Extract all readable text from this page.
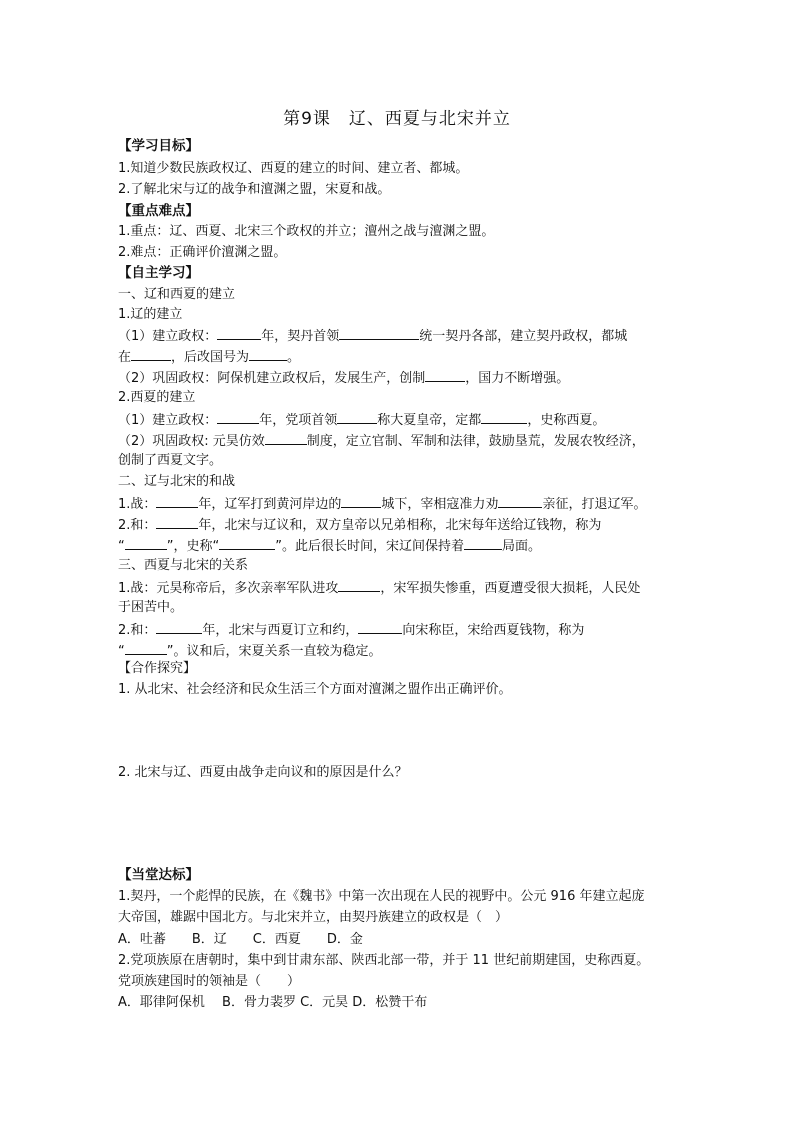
第9课　辽、西夏与北宋并立
【学习目标】
1.知道少数民族政权辽、西夏的建立的时间、建立者、都城。
2.了解北宋与辽的战争和澶渊之盟，宋夏和战。
【重点难点】
1.重点：辽、西夏、北宋三个政权的并立；澶州之战与澶渊之盟。
2.难点：正确评价澶渊之盟。
【自主学习】
一、辽和西夏的建立
1.辽的建立
（1）建立政权：	年，契丹首领	统一契丹各部，建立契丹政权，都城
在	，后改国号为	。
（2）巩固政权：阿保机建立政权后，发展生产，创制	，国力不断增强。
2.西夏的建立
（1）建立政权：	年，党项首领	称大夏皇帝，定都	，史称西夏。
（2）巩固政权: 元昊仿效	制度，定立官制、军制和法律，鼓励垦荒，发展农牧经济，
创制了西夏文字。
二、辽与北宋的和战
1.战：	年，辽军打到黄河岸边的	城下，宰相寇准力劝	亲征，打退辽军。
2.和：	年，北宋与辽议和，双方皇帝以兄弟相称，北宋每年送给辽钱物，称为
“	”，史称“	”。此后很长时间，宋辽间保持着	局面。
三、西夏与北宋的关系
1.战：元昊称帝后，多次亲率军队进攻	，宋军损失惨重，西夏遭受很大损耗，人民处
于困苦中。
2.和：	年，北宋与西夏订立和约，	向宋称臣，宋给西夏钱物，称为
“	”。议和后，宋夏关系一直较为稳定。
【合作探究】
1. 从北宋、社会经济和民众生活三个方面对澶渊之盟作出正确评价。
2. 北宋与辽、西夏由战争走向议和的原因是什么？
【当堂达标】
1.契丹，一个彪悍的民族，在《魏书》中第一次出现在人民的视野中。公元 916 年建立起庞
大帝国，雄踞中国北方。与北宋并立，由契丹族建立的政权是（　）
A．吐蕃　　B．辽　　C．西夏　　D．金
2.党项族原在唐朝时，集中到甘肃东部、陕西北部一带，并于 11 世纪前期建国，史称西夏。
党项族建国时的领袖是（　　）
A．耶律阿保机　 B．骨力裴罗 C．元昊 D．松赞干布
